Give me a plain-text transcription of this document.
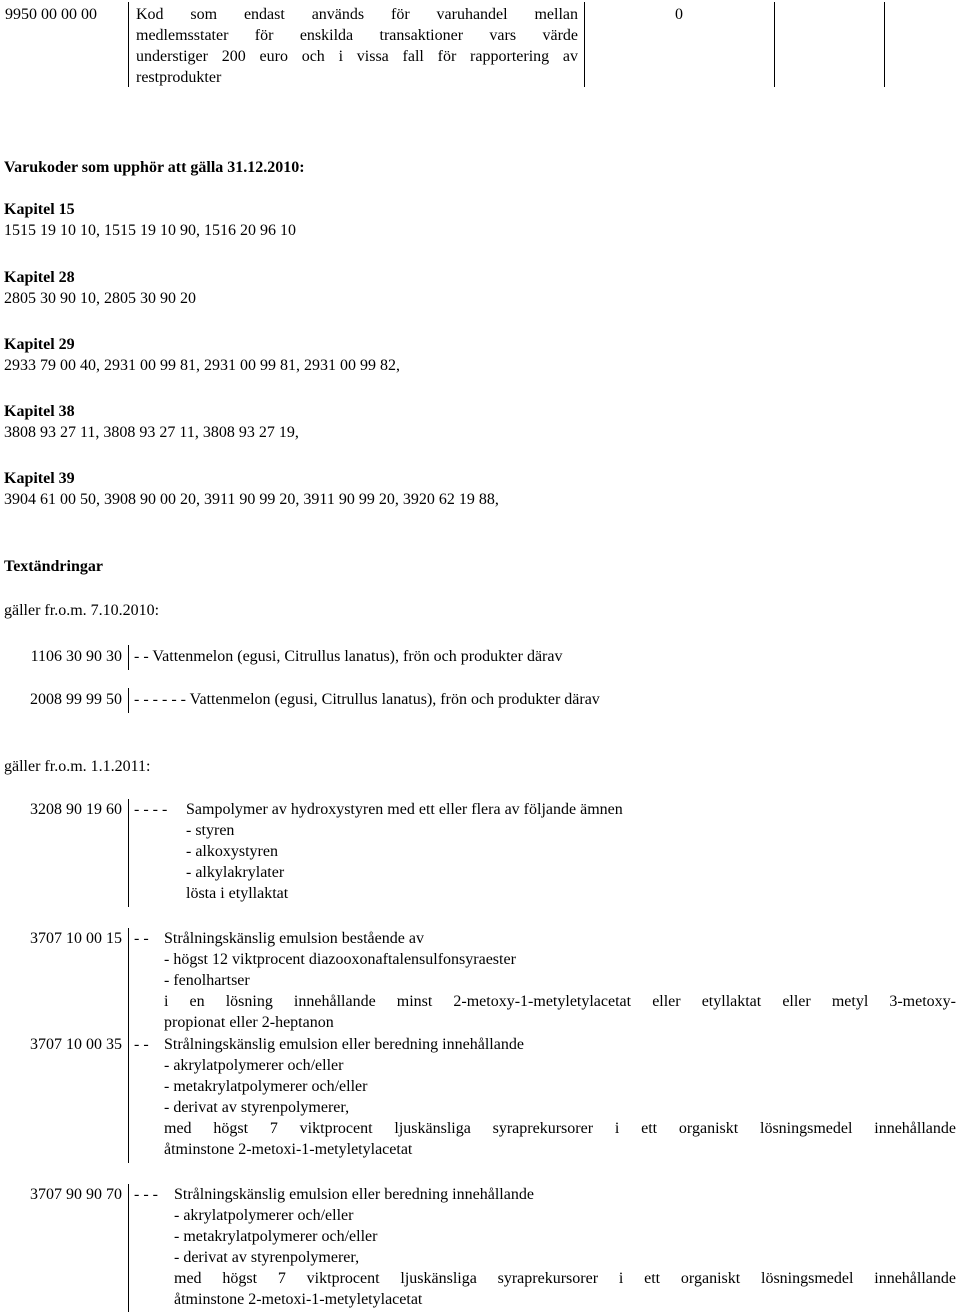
9950 00 00 00 Kod som endast används för varuhandel mellan
medlemsstater för enskilda transaktioner vars värde
understiger 200 euro och i vissa fall för rapportering av
restprodukter
0
Varukoder som upphör att gälla 31.12.2010:
Kapitel 15
1515 19 10 10, 1515 19 10 90, 1516 20 96 10
Kapitel 28
2805 30 90 10, 2805 30 90 20
Kapitel 29
2933 79 00 40, 2931 00 99 81, 2931 00 99 81, 2931 00 99 82,
Kapitel 38
3808 93 27 11, 3808 93 27 11, 3808 93 27 19,
Kapitel 39
3904 61 00 50, 3908 90 00 20, 3911 90 99 20, 3911 90 99 20, 3920 62 19 88,
Textändringar
gäller fr.o.m. 7.10.2010:
1106 30 90 30 - - Vattenmelon (egusi, Citrullus lanatus), frön och produkter därav
2008 99 99 50 - - - - - - Vattenmelon (egusi, Citrullus lanatus), frön och produkter därav
gäller fr.o.m. 1.1.2011:
3208 90 19 60 - - - - Sampolymer av hydroxystyren med ett eller flera av följande ämnen
- styren
- alkoxystyren
- alkylakrylater
lösta i etyllaktat
3707 10 00 15 - - Strålningskänslig emulsion bestående av
- högst 12 viktprocent diazooxonaftalensulfonsyraester
- fenolhartser
i en lösning innehållande minst 2-metoxy-1-metyletylacetat eller etyllaktat eller metyl 3-metoxy-
propionat eller 2-heptanon
3707 10 00 35 - - Strålningskänslig emulsion eller beredning innehållande
- akrylatpolymerer och/eller
- metakrylatpolymerer och/eller
- derivat av styrenpolymerer,
med högst 7 viktprocent ljuskänsliga syraprekursorer i ett organiskt lösningsmedel innehållande
åtminstone 2-metoxi-1-metyletylacetat
3707 90 90 70 - - - Strålningskänslig emulsion eller beredning innehållande
- akrylatpolymerer och/eller
- metakrylatpolymerer och/eller
- derivat av styrenpolymerer,
med högst 7 viktprocent ljuskänsliga syraprekursorer i ett organiskt lösningsmedel innehållande
åtminstone 2-metoxi-1-metyletylacetat
